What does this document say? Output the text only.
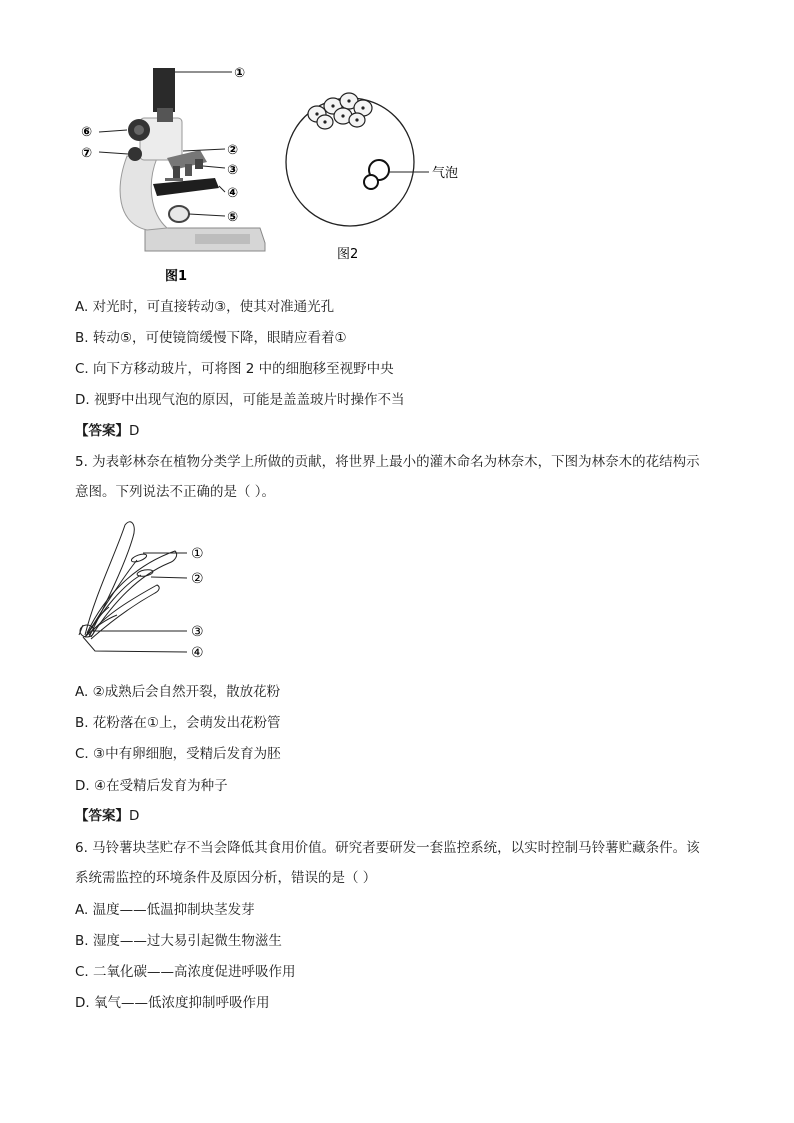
①
②
③
④
⑤
⑥
⑦
图1
气泡
图2
A. 对光时，可直接转动③，使其对准通光孔
B. 转动⑤，可使镜筒缓慢下降，眼睛应看着①
C. 向下方移动玻片，可将图 2 中的细胞移至视野中央
D. 视野中出现气泡的原因，可能是盖盖玻片时操作不当
【答案】D
5. 为表彰林奈在植物分类学上所做的贡献，将世界上最小的灌木命名为林奈木，下图为林奈木的花结构示
意图。下列说法不正确的是（ ）。
①
②
③
④
A. ②成熟后会自然开裂，散放花粉
B. 花粉落在①上，会萌发出花粉管
C. ③中有卵细胞，受精后发育为胚
D. ④在受精后发育为种子
【答案】D
6. 马铃薯块茎贮存不当会降低其食用价值。研究者要研发一套监控系统，以实时控制马铃薯贮藏条件。该
系统需监控的环境条件及原因分析，错误的是（ ）
A. 温度——低温抑制块茎发芽
B. 湿度——过大易引起微生物滋生
C. 二氧化碳——高浓度促进呼吸作用
D. 氧气——低浓度抑制呼吸作用
